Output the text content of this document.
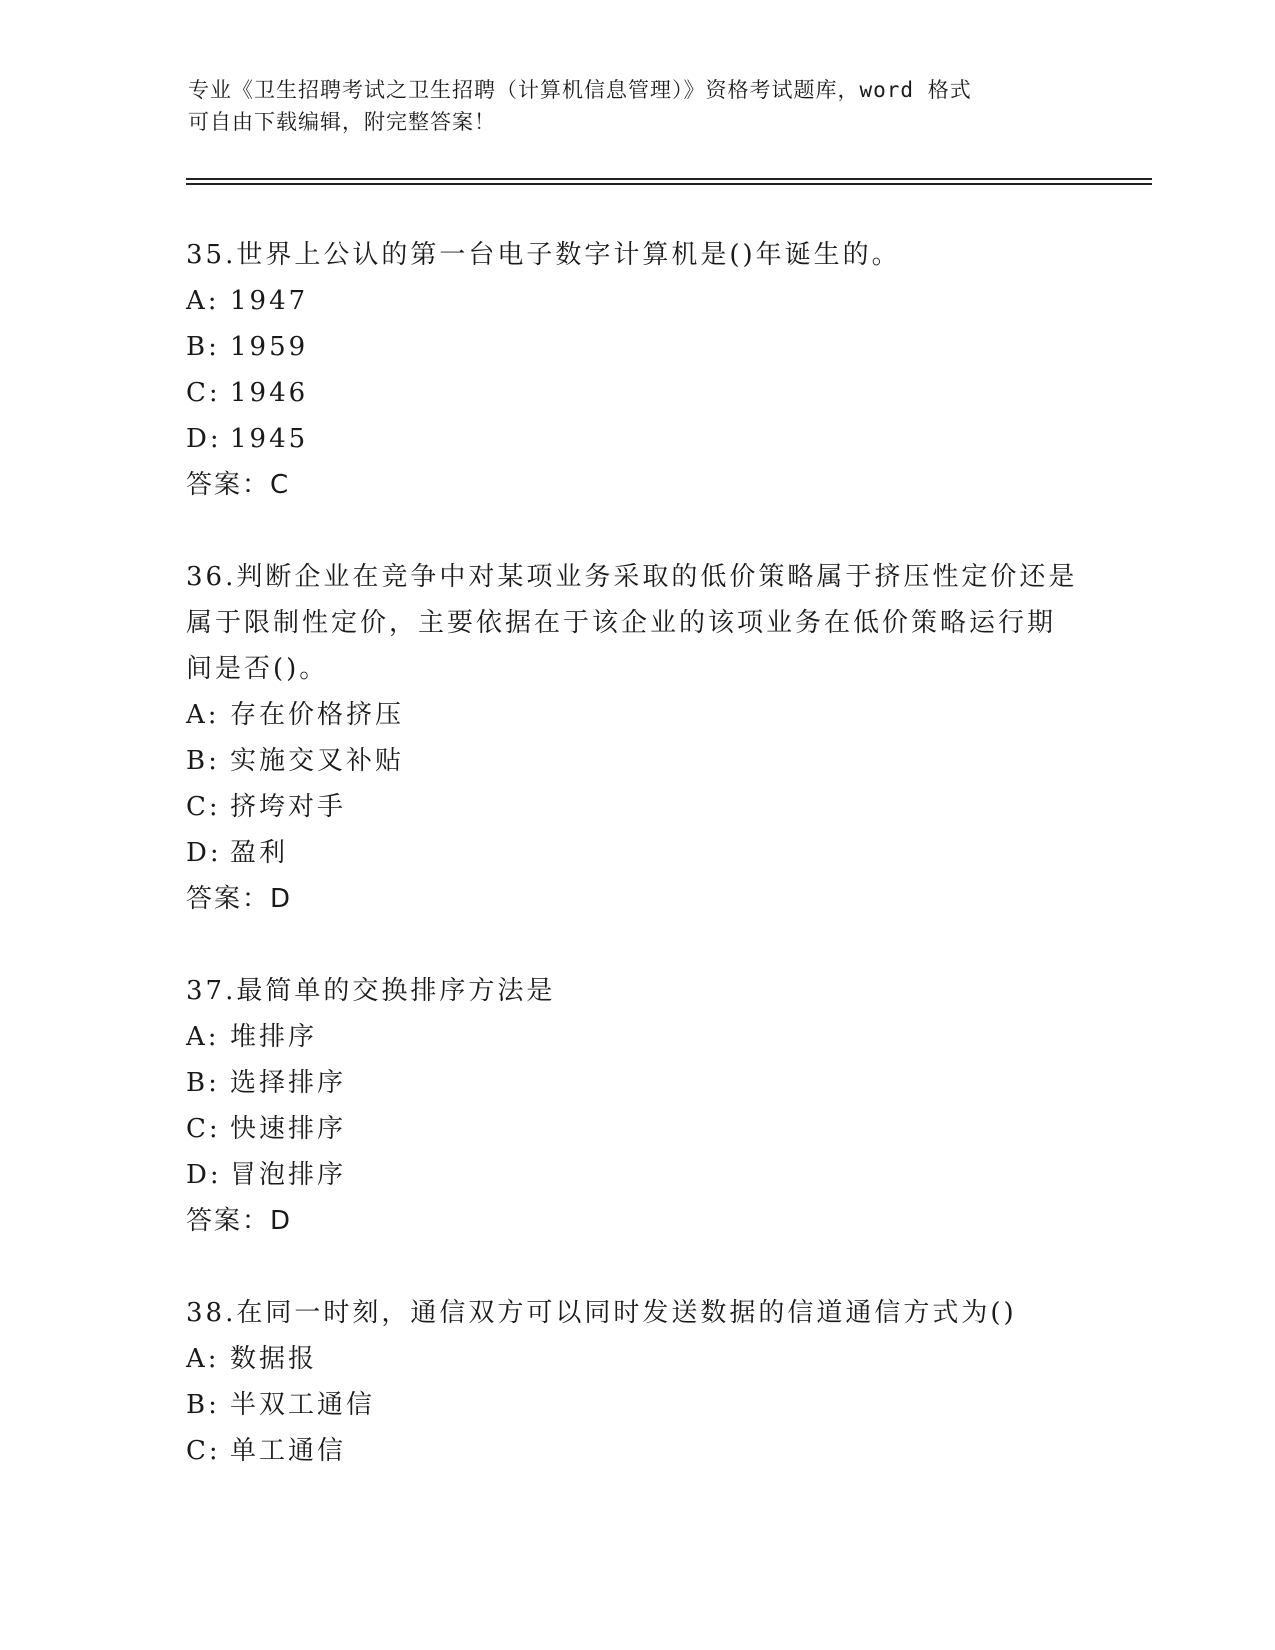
专业《卫生招聘考试之卫生招聘（计算机信息管理）》资格考试题库，word 格式
可自由下载编辑，附完整答案！
35.世界上公认的第一台电子数字计算机是()年诞生的。
A: 1947
B: 1959
C: 1946
D: 1945
答案：C
36.判断企业在竞争中对某项业务采取的低价策略属于挤压性定价还是
属于限制性定价，主要依据在于该企业的该项业务在低价策略运行期
间是否()。
A: 存在价格挤压
B: 实施交叉补贴
C: 挤垮对手
D: 盈利
答案：D
37.最简单的交换排序方法是
A: 堆排序
B: 选择排序
C: 快速排序
D: 冒泡排序
答案：D
38.在同一时刻，通信双方可以同时发送数据的信道通信方式为()
A: 数据报
B: 半双工通信
C: 单工通信
